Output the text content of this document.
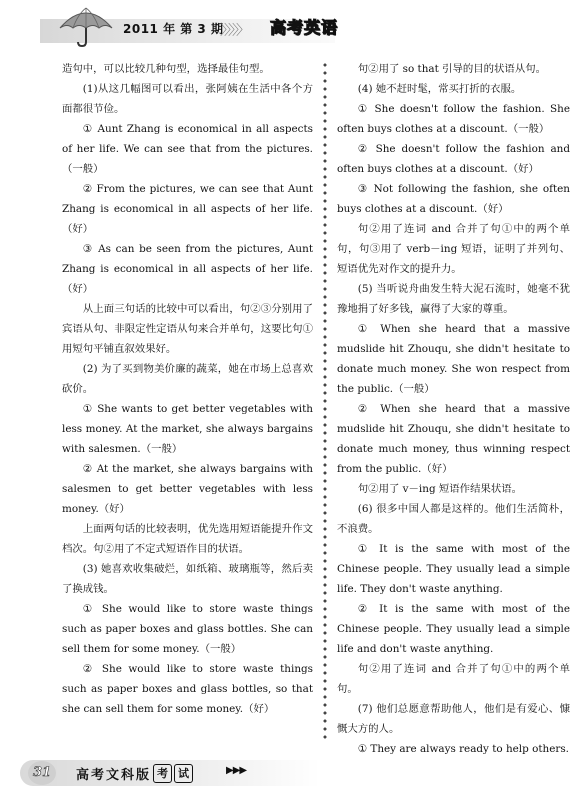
2011 年 第 3 期
〉〉〉〉〉 高考英语

造句中，可以比较几种句型，选择最佳句型。

(1)从这几幅图可以看出，张阿姨在生活中各个方面都很节俭。

① Aunt Zhang is economical in all aspects of her life. We can see that from the pictures.（一般）

② From the pictures, we can see that Aunt Zhang is economical in all aspects of her life.（好）

③ As can be seen from the pictures, Aunt Zhang is economical in all aspects of her life.（好）

从上面三句话的比较中可以看出，句②③分别用了宾语从句、非限定性定语从句来合并单句，这要比句①用短句平铺直叙效果好。

(2) 为了买到物美价廉的蔬菜，她在市场上总喜欢砍价。

① She wants to get better vegetables with less money. At the market, she always bargains with salesmen.（一般）

② At the market, she always bargains with salesmen to get better vegetables with less money.（好）

上面两句话的比较表明，优先选用短语能提升作文档次。句②用了不定式短语作目的状语。

(3) 她喜欢收集破烂，如纸箱、玻璃瓶等，然后卖了换成钱。

① She would like to store waste things such as paper boxes and glass bottles. She can sell them for some money.（一般）

② She would like to store waste things such as paper boxes and glass bottles, so that she can sell them for some money.（好）

句②用了 so that 引导的目的状语从句。

(4) 她不赶时髦，常买打折的衣服。

① She doesn't follow the fashion. She often buys clothes at a discount.（一般）

② She doesn't follow the fashion and often buys clothes at a discount.（好）

③ Not following the fashion, she often buys clothes at a discount.（好）

句②用了连词 and 合并了句①中的两个单句，句③用了 verb－ing 短语，证明了并列句、短语优先对作文的提升力。

(5) 当听说舟曲发生特大泥石流时，她毫不犹豫地捐了好多钱，赢得了大家的尊重。

① When she heard that a massive mudslide hit Zhouqu, she didn't hesitate to donate much money. She won respect from the public.（一般）

② When she heard that a massive mudslide hit Zhouqu, she didn't hesitate to donate much money, thus winning respect from the public.（好）

句②用了 v－ing 短语作结果状语。

(6) 很多中国人都是这样的。他们生活简朴，不浪费。

① It is the same with most of the Chinese people. They usually lead a simple life. They don't waste anything.

② It is the same with most of the Chinese people. They usually lead a simple life and don't waste anything.

句②用了连词 and 合并了句①中的两个单句。

(7) 他们总愿意帮助他人，他们是有爱心、慷慨大方的人。

① They are always ready to help others.

31	高考文科版 考 试	▶▶▶
